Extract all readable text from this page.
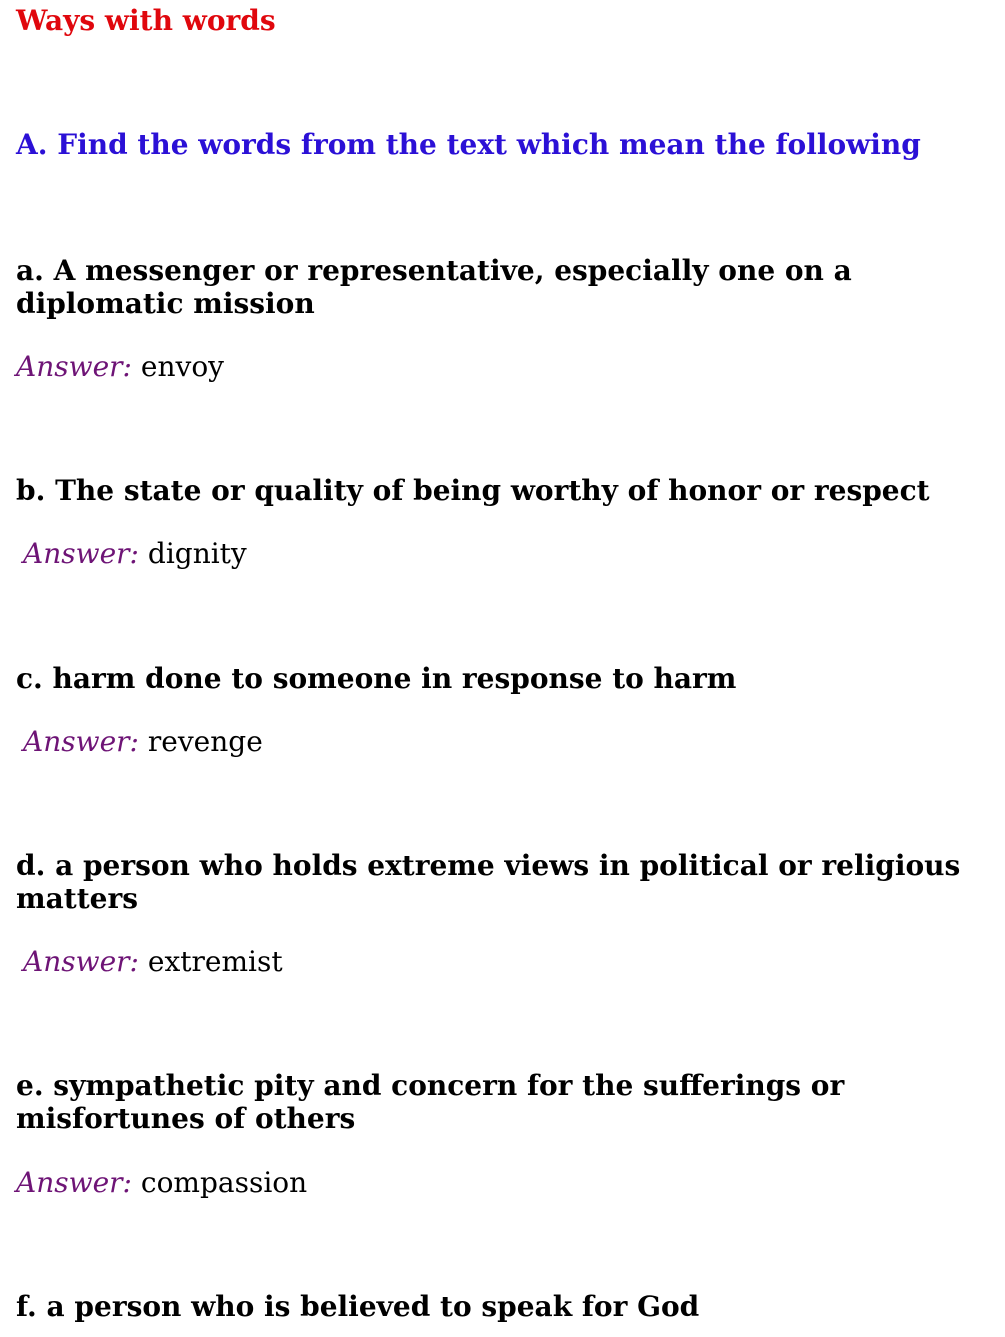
Ways with words
A. Find the words from the text which mean the following

a. A messenger or representative, especially one on a diplomatic mission

Answer: envoy

b. The state or quality of being worthy of honor or respect

Answer: dignity

c. harm done to someone in response to harm

Answer: revenge

d. a person who holds extreme views in political or religious matters

Answer: extremist

e. sympathetic pity and concern for the sufferings or misfortunes of others

Answer: compassion

f. a person who is believed to speak for God
